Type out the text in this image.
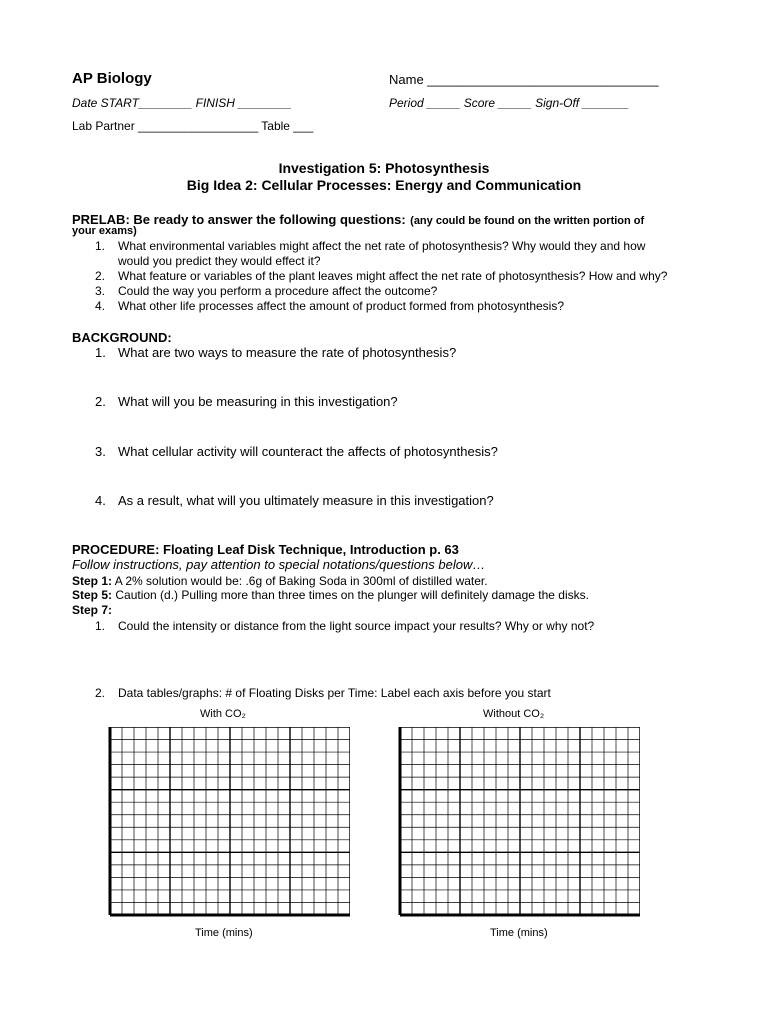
AP Biology	Name ________________________________
Date START________ FINISH ________	Period _____ Score _____ Sign-Off _______
Lab Partner __________________ Table ___
Investigation 5: Photosynthesis
Big Idea 2: Cellular Processes: Energy and Communication
PRELAB: Be ready to answer the following questions: (any could be found on the written portion of
your exams)
1. What environmental variables might affect the net rate of photosynthesis? Why would they and how
would you predict they would effect it?
2. What feature or variables of the plant leaves might affect the net rate of photosynthesis? How and why?
3. Could the way you perform a procedure affect the outcome?
4. What other life processes affect the amount of product formed from photosynthesis?
BACKGROUND:
1. What are two ways to measure the rate of photosynthesis?
2. What will you be measuring in this investigation?
3. What cellular activity will counteract the affects of photosynthesis?
4. As a result, what will you ultimately measure in this investigation?
PROCEDURE: Floating Leaf Disk Technique, Introduction p. 63
Follow instructions, pay attention to special notations/questions below…
Step 1: A 2% solution would be: .6g of Baking Soda in 300ml of distilled water.
Step 5: Caution (d.) Pulling more than three times on the plunger will definitely damage the disks.
Step 7:
1. Could the intensity or distance from the light source impact your results? Why or why not?
2. Data tables/graphs: # of Floating Disks per Time: Label each axis before you start
With CO₂
Time (mins)
Without CO₂
Time (mins)
